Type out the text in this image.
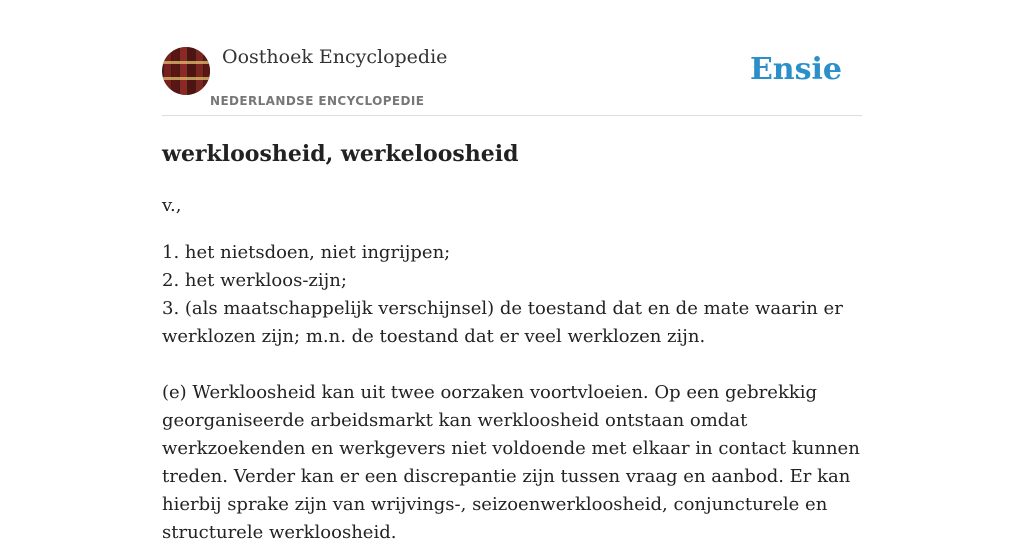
Oosthoek Encyclopedie
NEDERLANDSE ENCYCLOPEDIE
Ensie
werkloosheid, werkeloosheid
v.,
1. het nietsdoen, niet ingrijpen;
2. het werkloos-zijn;
3. (als maatschappelijk verschijnsel) de toestand dat en de mate waarin er werklozen zijn; m.n. de toestand dat er veel werklozen zijn.

(e) Werkloosheid kan uit twee oorzaken voortvloeien. Op een gebrekkig georganiseerde arbeidsmarkt kan werkloosheid ontstaan omdat werkzoekenden en werkgevers niet voldoende met elkaar in contact kunnen treden. Verder kan er een discrepantie zijn tussen vraag en aanbod. Er kan hierbij sprake zijn van wrijvings-, seizoenwerkloosheid, conjuncturele en structurele werkloosheid.
